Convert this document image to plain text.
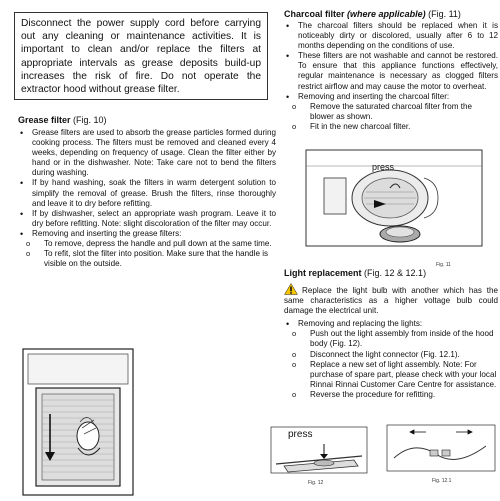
Disconnect the power supply cord before carrying out any cleaning or maintenance activities. It is important to clean and/or replace the filters at appropriate intervals as grease deposits build-up increases the risk of fire. Do not operate the extractor hood without grease filter.

Grease filter (Fig. 10)

• Grease filters are used to absorb the grease particles formed during cooking process. The filters must be removed and cleaned every 4 weeks, depending on frequency of usage. Clean the filter either by hand or in the dishwasher. Note: Take care not to bend the filters during washing.
• If by hand washing, soak the filters in warm detergent solution to simplify the removal of grease. Brush the filters, rinse thoroughly and leave it to dry before refitting.
• If by dishwasher, select an appropriate wash program. Leave it to dry before refitting. Note: slight discoloration of the filter may occur.
• Removing and inserting the grease filters:
o To remove, depress the handle and pull down at the same time.
o To refit, slot the filter into position. Make sure that the handle is visible on the outside.

Charcoal filter (where applicable) (Fig. 11)

• The charcoal filters should be replaced when it is noticeably dirty or discolored, usually after 6 to 12 months depending on the conditions of use.
• These filters are not washable and cannot be restored. To ensure that this appliance functions effectively, regular maintenance is necessary as clogged filters restrict airflow and may cause the motor to overheat.
• Removing and inserting the charcoal filter:
o Remove the saturated charcoal filter from the blower as shown.
o Fit in the new charcoal filter.
press
Fig. 11

Light replacement (Fig. 12 & 12.1)

Replace the light bulb with another which has the same characteristics as a higher voltage bulb could damage the electrical unit.
• Removing and replacing the lights:
o Push out the light assembly from inside of the hood body (Fig. 12).
o Disconnect the light connector (Fig. 12.1).
o Replace a new set of light assembly. Note: For purchase of spare part, please check with your local Rinnai Rinnai Customer Care Centre for assistance.
o Reverse the procedure for refitting.
press
Fig. 12	Fig. 12.1
